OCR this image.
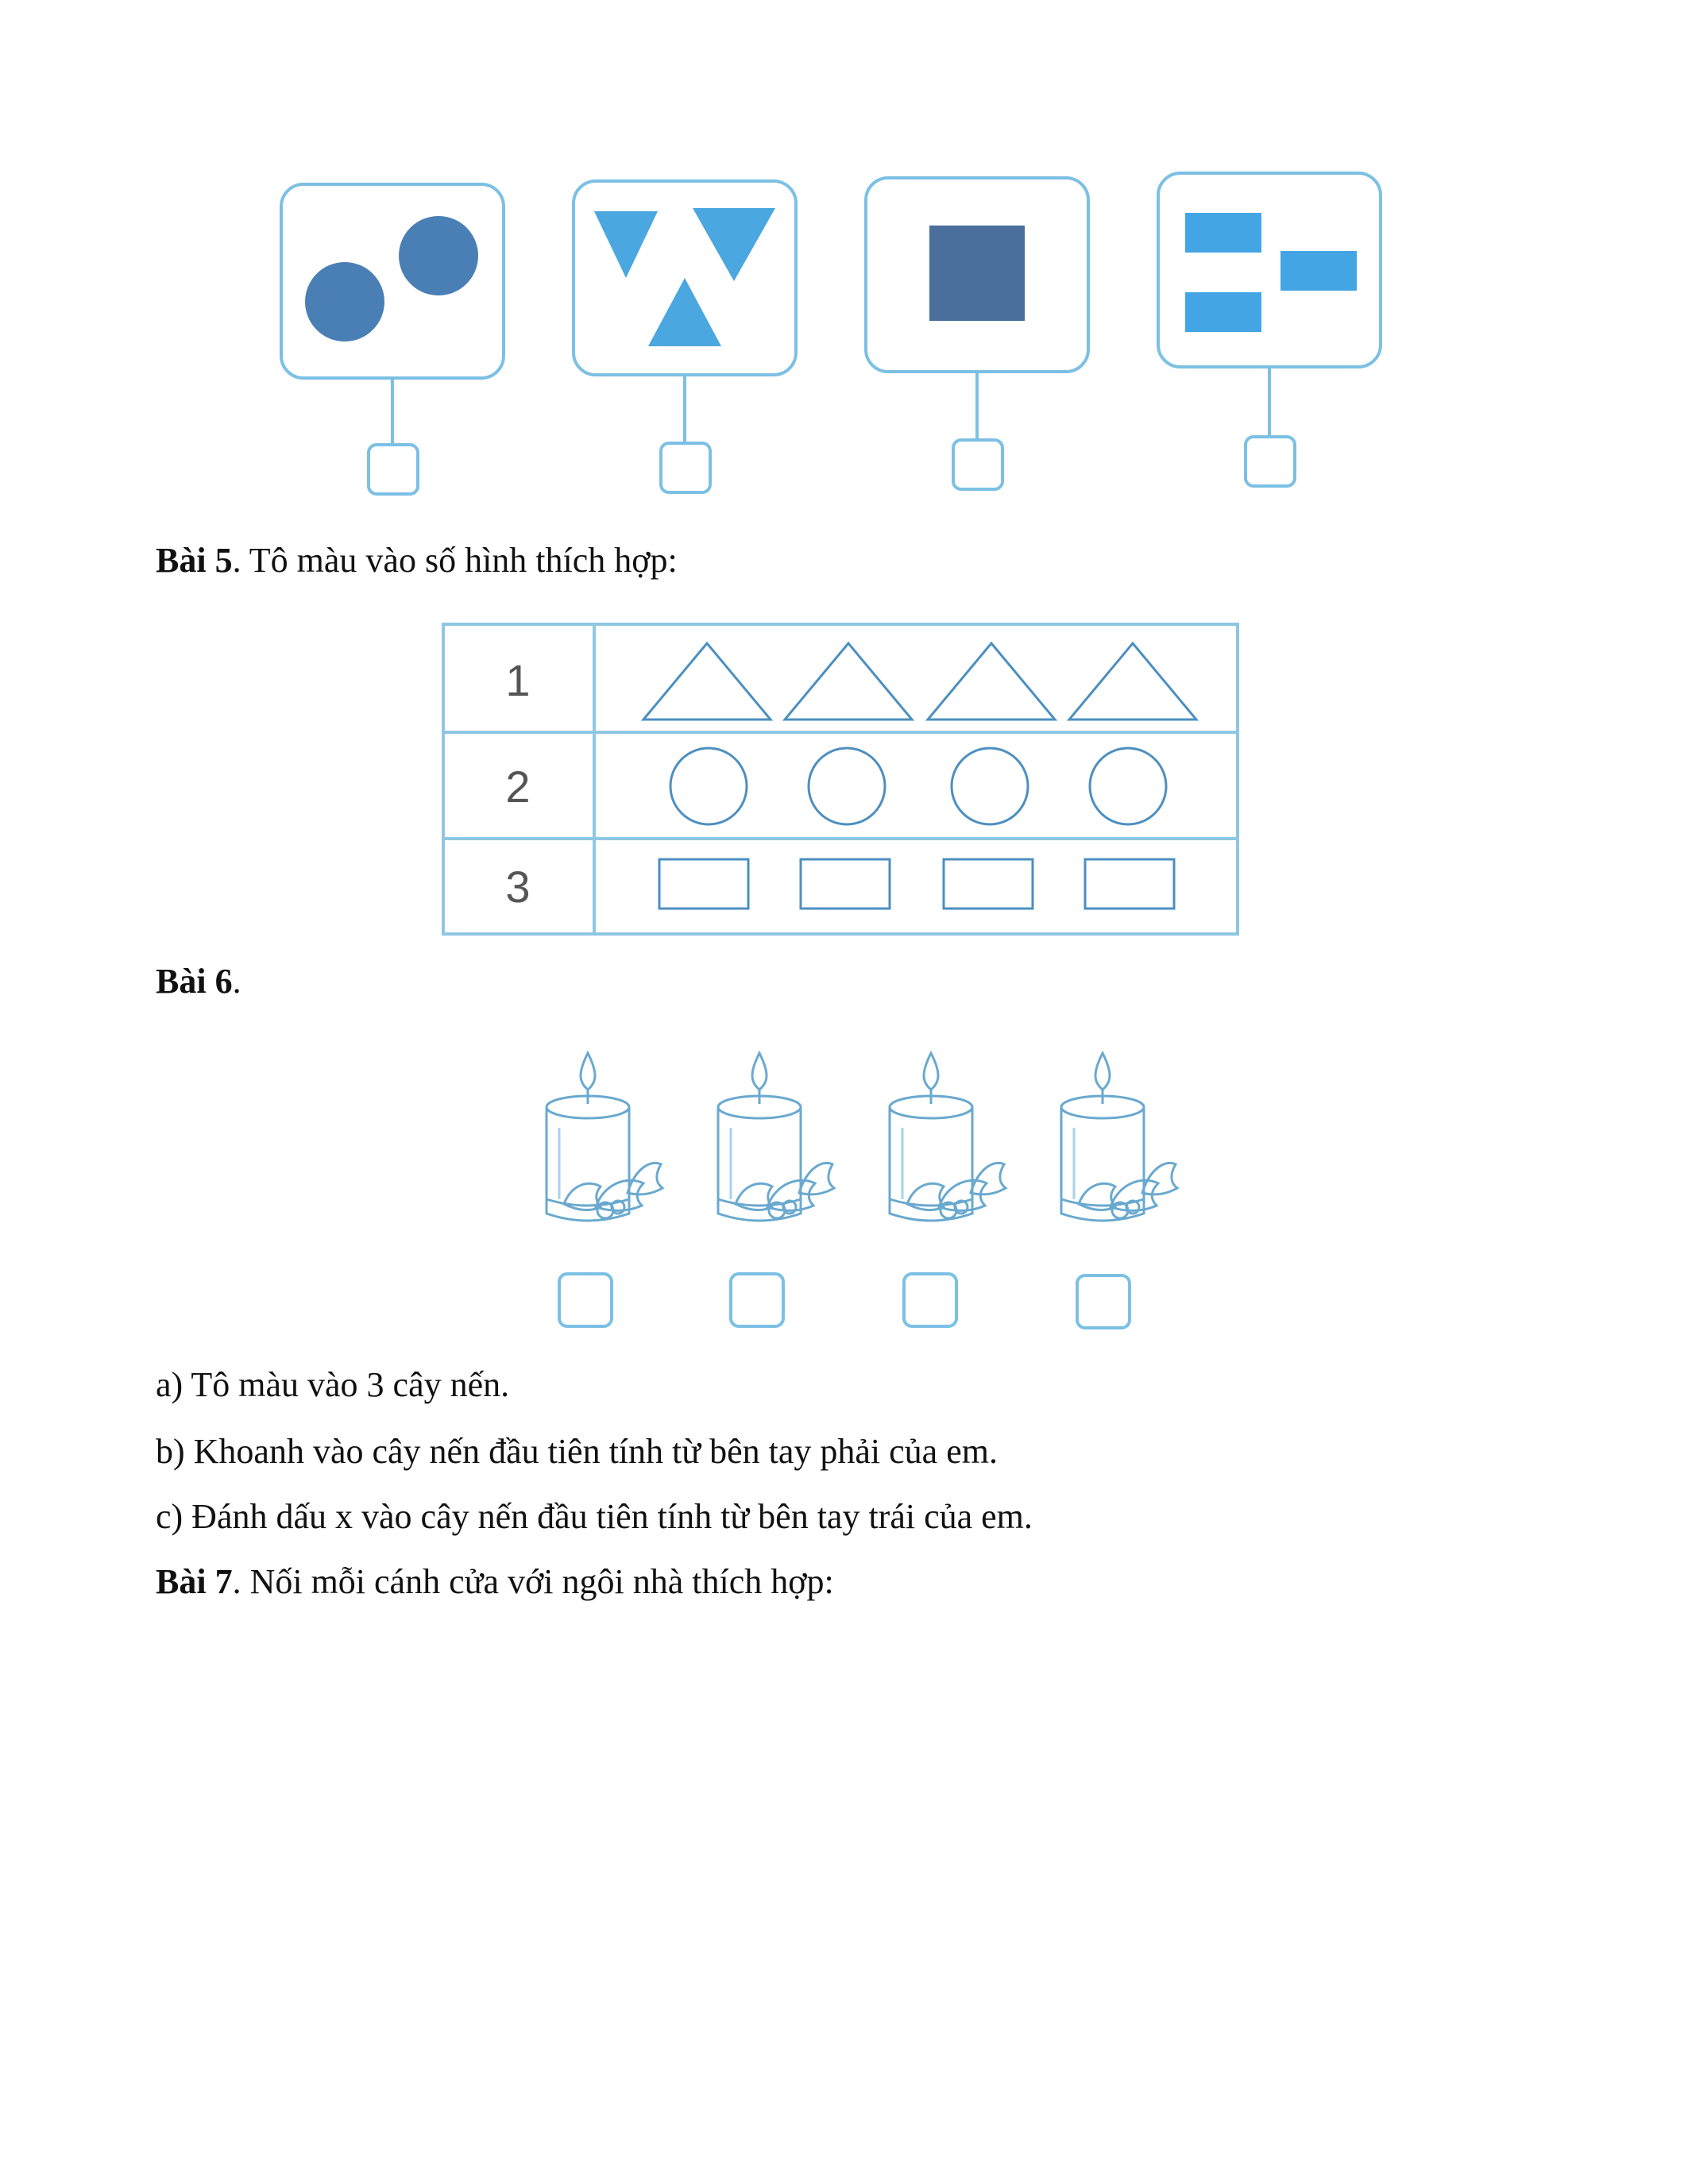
Bài 5. Tô màu vào số hình thích hợp:
1
2
3
Bài 6.
a) Tô màu vào 3 cây nến.
b) Khoanh vào cây nến đầu tiên tính từ bên tay phải của em.
c) Đánh dấu x vào cây nến đầu tiên tính từ bên tay trái của em.
Bài 7. Nối mỗi cánh cửa với ngôi nhà thích hợp:
